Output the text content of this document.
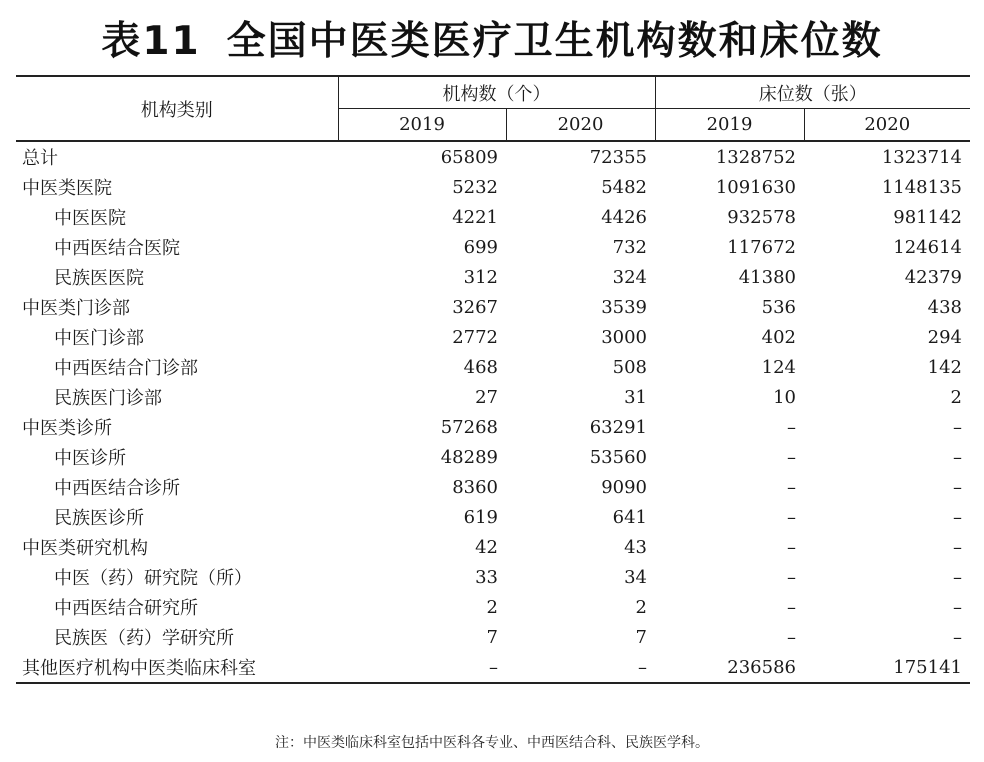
表11 全国中医类医疗卫生机构数和床位数
机构类别	机构数（个）		床位数（张）	
	2019	2020	2019	2020
总计	65809	72355	1328752	1323714
中医类医院	5232	5482	1091630	1148135
中医医院	4221	4426	932578	981142
中西医结合医院	699	732	117672	124614
民族医医院	312	324	41380	42379
中医类门诊部	3267	3539	536	438
中医门诊部	2772	3000	402	294
中西医结合门诊部	468	508	124	142
民族医门诊部	27	31	10	2
中医类诊所	57268	63291	–	–
中医诊所	48289	53560	–	–
中西医结合诊所	8360	9090	–	–
民族医诊所	619	641	–	–
中医类研究机构	42	43	–	–
中医（药）研究院（所）	33	34	–	–
中西医结合研究所	2	2	–	–
民族医（药）学研究所	7	7	–	–
其他医疗机构中医类临床科室	–	–	236586	175141
注：中医类临床科室包括中医科各专业、中西医结合科、民族医学科。
